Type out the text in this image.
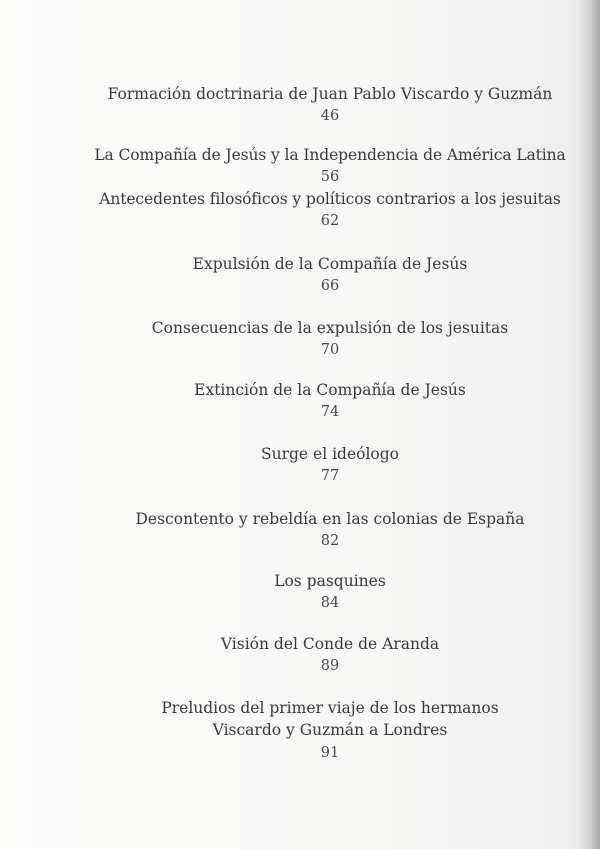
Formación doctrinaria de Juan Pablo Viscardo y Guzmán
46
La Compañía de Jesús y la Independencia de América Latina
56
Antecedentes filosóficos y políticos contrarios a los jesuitas
62
Expulsión de la Compañía de Jesús
66
Consecuencias de la expulsión de los jesuitas
70
Extinción de la Compañía de Jesús
74
Surge el ideólogo
77
Descontento y rebeldía en las colonias de España
82
Los pasquines
84
Visión del Conde de Aranda
89
Preludios del primer viaje de los hermanos
Viscardo y Guzmán a Londres
91
